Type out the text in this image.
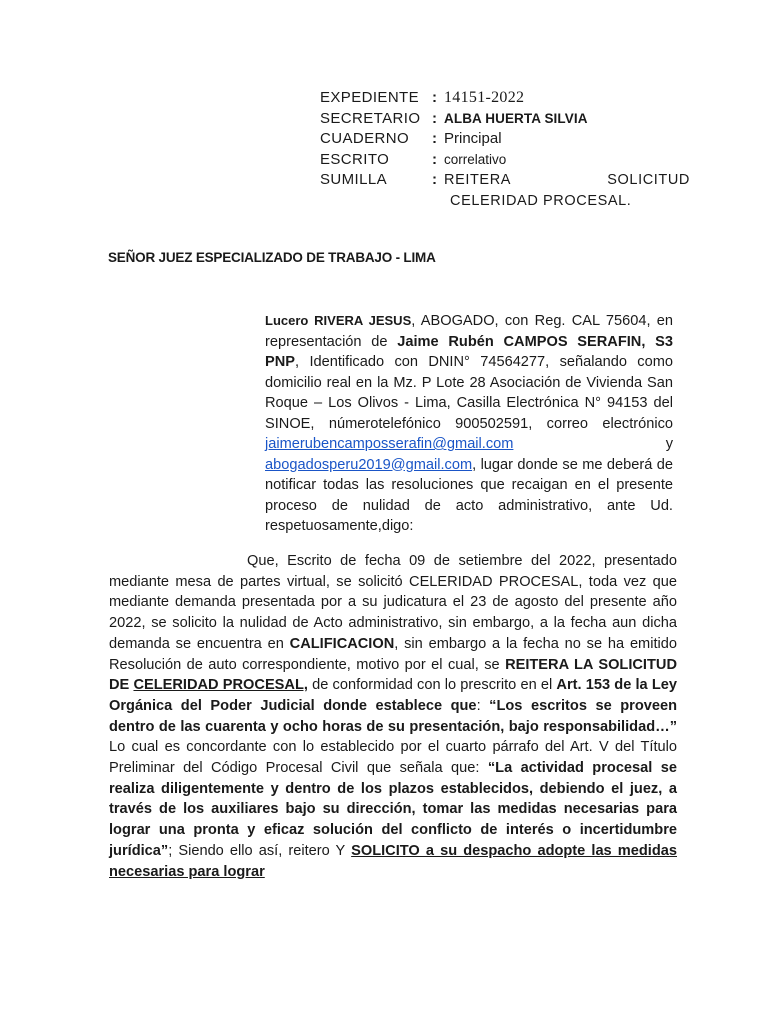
EXPEDIENTE : 14151-2022
SECRETARIO : ALBA HUERTA SILVIA
CUADERNO	: Principal
ESCRITO	: correlativo
SUMILLA	: REITERA	SOLICITUD
CELERIDAD PROCESAL.
SEÑOR JUEZ ESPECIALIZADO DE TRABAJO - LIMA
Lucero RIVERA JESUS, ABOGADO, con Reg. CAL 75604, en representación de Jaime Rubén CAMPOS SERAFIN, S3 PNP, Identificado con DNIN° 74564277, señalando como domicilio real en la Mz. P Lote 28 Asociación de Vivienda San Roque – Los Olivos - Lima, Casilla Electrónica N° 94153 del SINOE, númerotelefónico 900502591, correo electrónico jaimerubencamposserafin@gmail.com y abogadosperu2019@gmail.com, lugar donde se me deberá de notificar todas las resoluciones que recaigan en el presente proceso de nulidad de acto administrativo, ante Ud. respetuosamente,digo:
Que, Escrito de fecha 09 de setiembre del 2022, presentado mediante mesa de partes virtual, se solicitó CELERIDAD PROCESAL, toda vez que mediante demanda presentada por a su judicatura el 23 de agosto del presente año 2022, se solicito la nulidad de Acto administrativo, sin embargo, a la fecha aun dicha demanda se encuentra en CALIFICACION, sin embargo a la fecha no se ha emitido Resolución de auto correspondiente, motivo por el cual, se REITERA LA SOLICITUD DE CELERIDAD PROCESAL, de conformidad con lo prescrito en el Art. 153 de la Ley Orgánica del Poder Judicial donde establece que: “Los escritos se proveen dentro de las cuarenta y ocho horas de su presentación, bajo responsabilidad…” Lo cual es concordante con lo establecido por el cuarto párrafo del Art. V del Título Preliminar del Código Procesal Civil que señala que: “La actividad procesal se realiza diligentemente y dentro de los plazos establecidos, debiendo el juez, a través de los auxiliares bajo su dirección, tomar las medidas necesarias para lograr una pronta y eficaz solución del conflicto de interés o incertidumbre jurídica”; Siendo ello así, reitero Y SOLICITO a su despacho adopte las medidas necesarias para lograr
